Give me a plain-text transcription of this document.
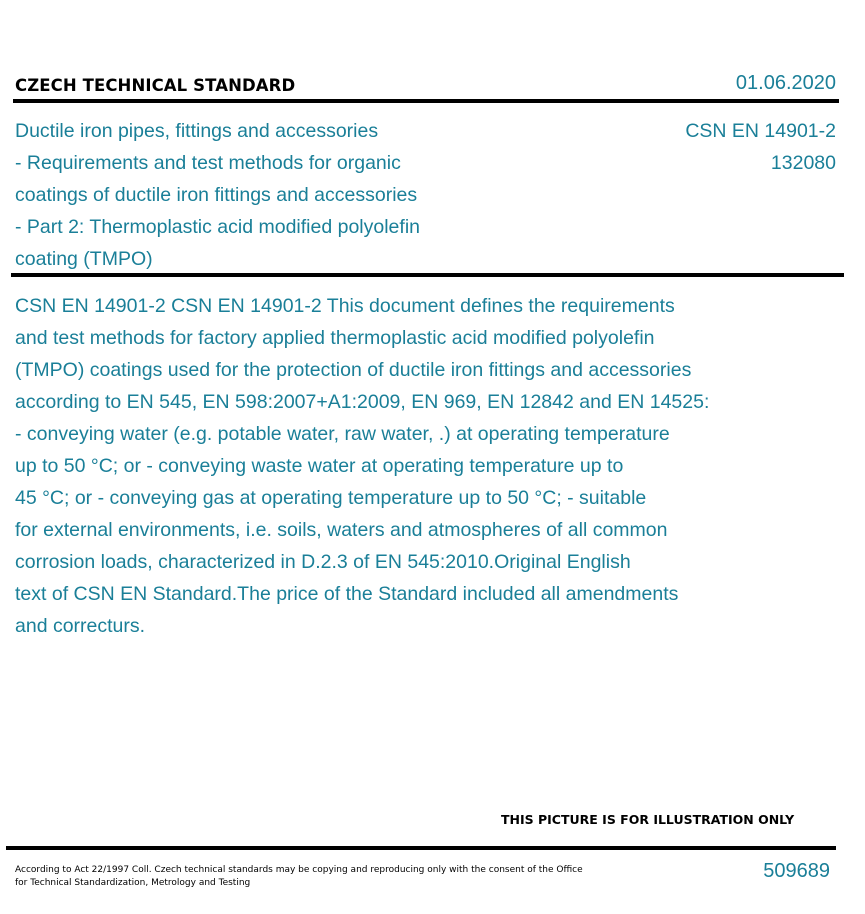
CZECH TECHNICAL STANDARD	01.06.2020
Ductile iron pipes, fittings and accessories
- Requirements and test methods for organic
coatings of ductile iron fittings and accessories
- Part 2: Thermoplastic acid modified polyolefin
coating (TMPO)
CSN EN 14901-2
132080
CSN EN 14901-2 CSN EN 14901-2 This document defines the requirements
and test methods for factory applied thermoplastic acid modified polyolefin
(TMPO) coatings used for the protection of ductile iron fittings and accessories
according to EN 545, EN 598:2007+A1:2009, EN 969, EN 12842 and EN 14525:
- conveying water (e.g. potable water, raw water, .) at operating temperature
up to 50 °C; or - conveying waste water at operating temperature up to
45 °C; or - conveying gas at operating temperature up to 50 °C; - suitable
for external environments, i.e. soils, waters and atmospheres of all common
corrosion loads, characterized in D.2.3 of EN 545:2010.Original English
text of CSN EN Standard.The price of the Standard included all amendments
and correcturs.
THIS PICTURE IS FOR ILLUSTRATION ONLY
According to Act 22/1997 Coll. Czech technical standards may be copying and reproducing only with the consent of the Office
for Technical Standardization, Metrology and Testing
509689
